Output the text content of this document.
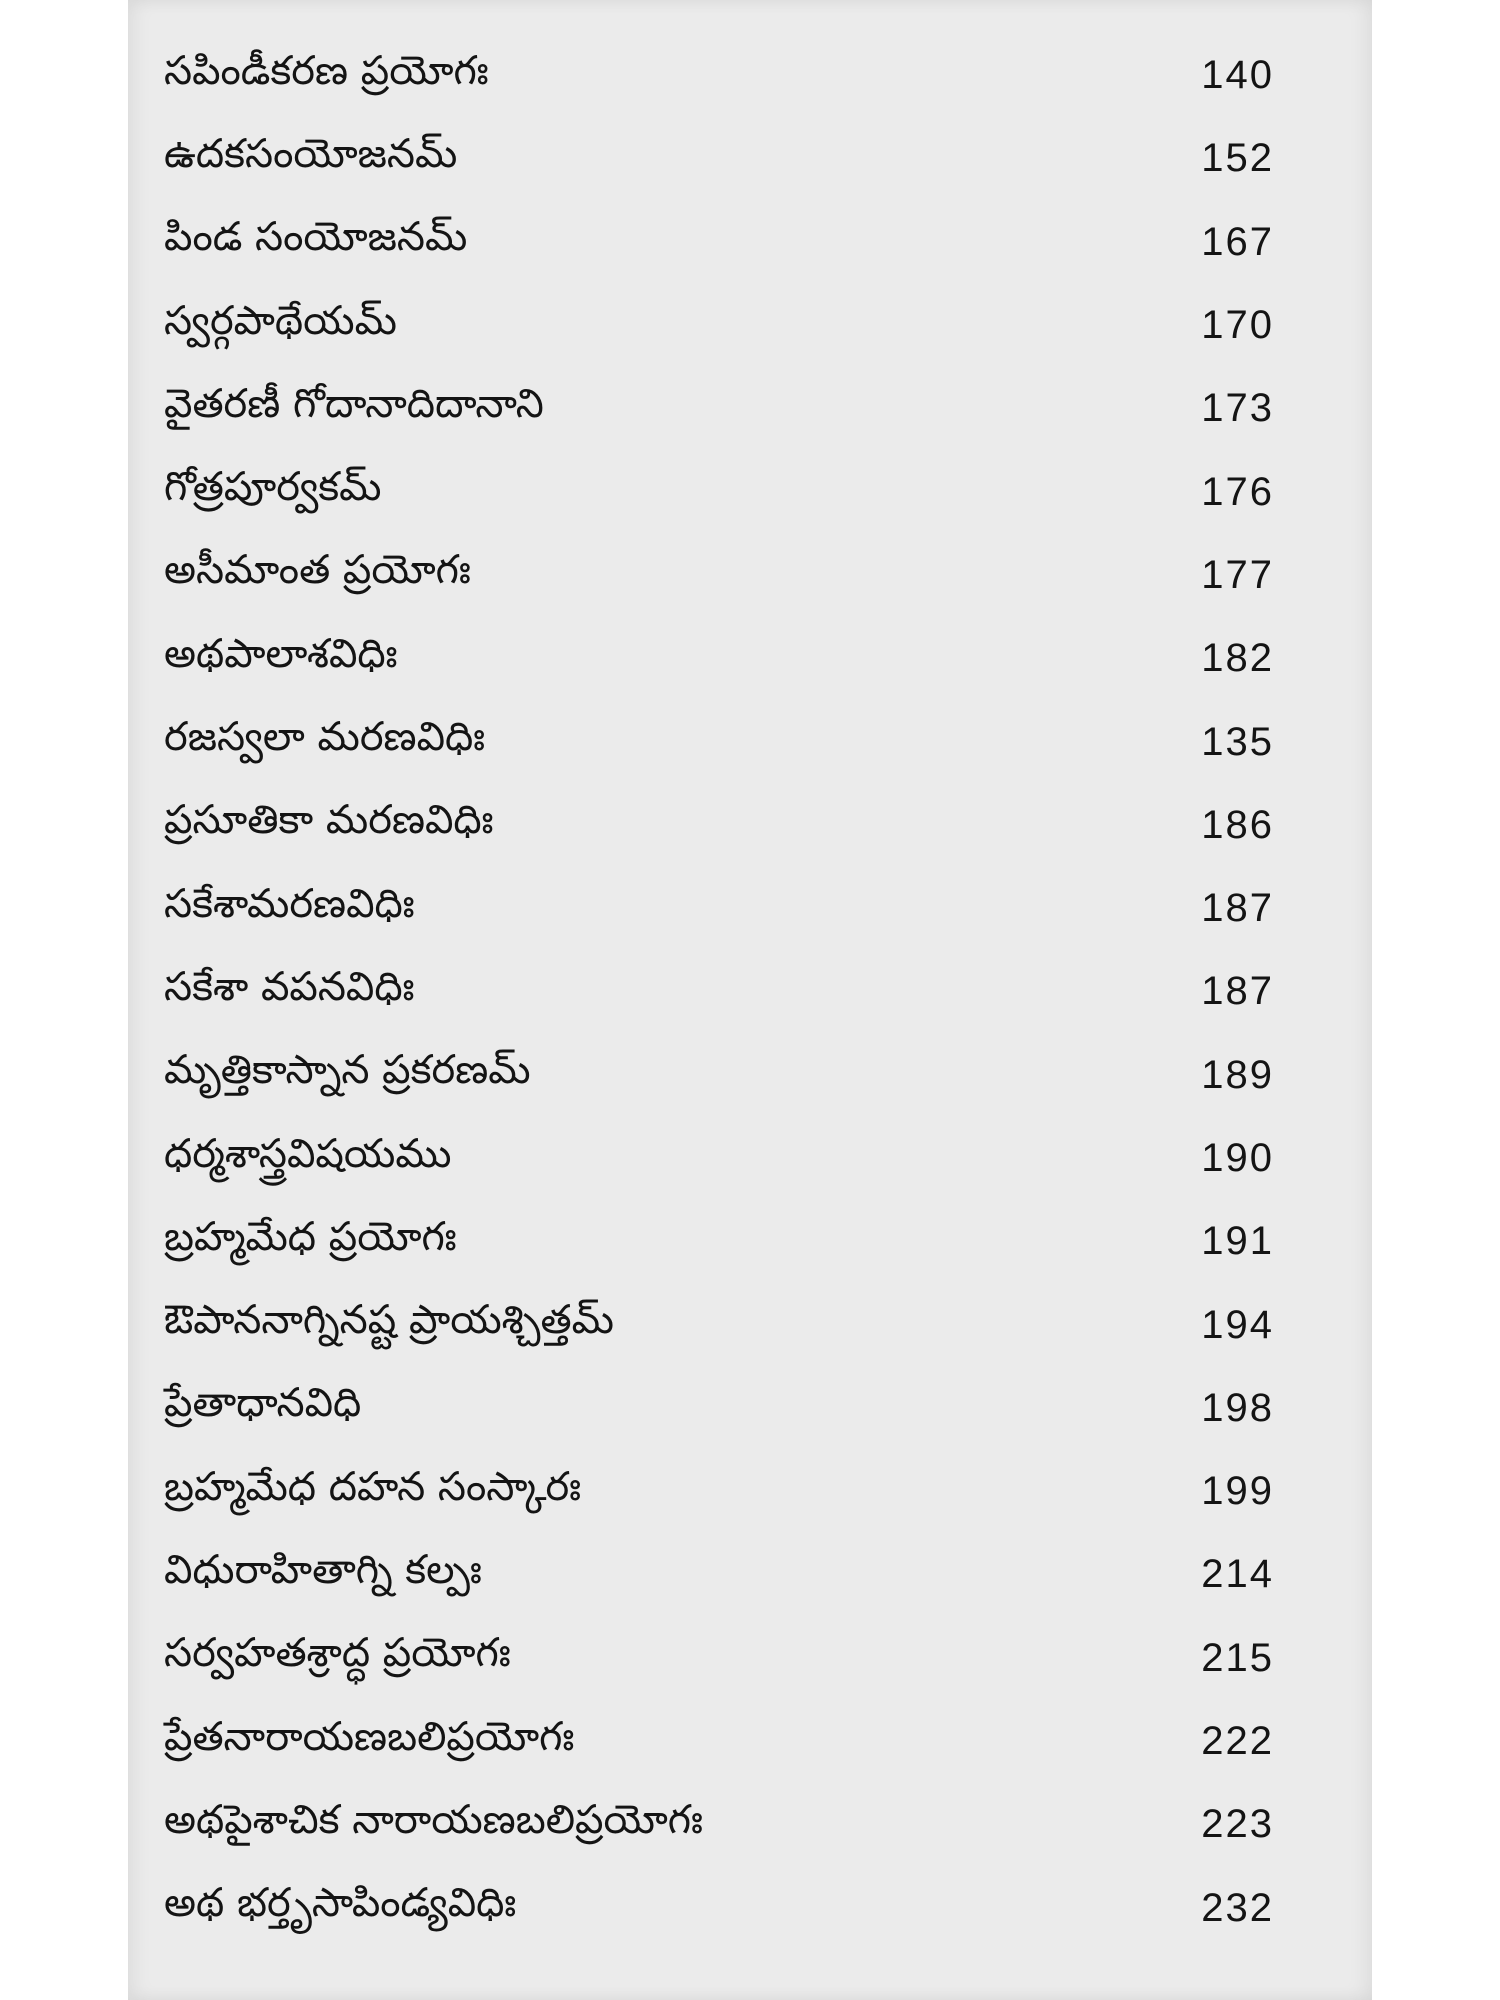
సపిండీకరణ ప్రయోగః	140
ఉదకసంయోజనమ్	152
పిండ సంయోజనమ్	167
స్వర్గపాథేయమ్	170
వైతరణీ గోదానాదిదానాని	173
గోత్రపూర్వకమ్	176
అసీమాంత ప్రయోగః	177
అథపాలాశవిధిః	182
రజస్వలా మరణవిధిః	135
ప్రసూతికా మరణవిధిః	186
సకేశామరణవిధిః	187
సకేశా వపనవిధిః	187
మృత్తికాస్నాన ప్రకరణమ్	189
ధర్మశాస్త్రవిషయము	190
బ్రహ్మమేధ ప్రయోగః	191
ఔపాననాగ్నినష్ట ప్రాయశ్చిత్తమ్	194
ప్రేతాధానవిధి	198
బ్రహ్మమేధ దహన సంస్కారః	199
విధురాహితాగ్ని కల్పః	214
సర్వహతశ్రాద్ధ ప్రయోగః	215
ప్రేతనారాయణబలిప్రయోగః	222
అథపైశాచిక నారాయణబలిప్రయోగః	223
అథ భర్తృసాపిండ్యవిధిః	232
